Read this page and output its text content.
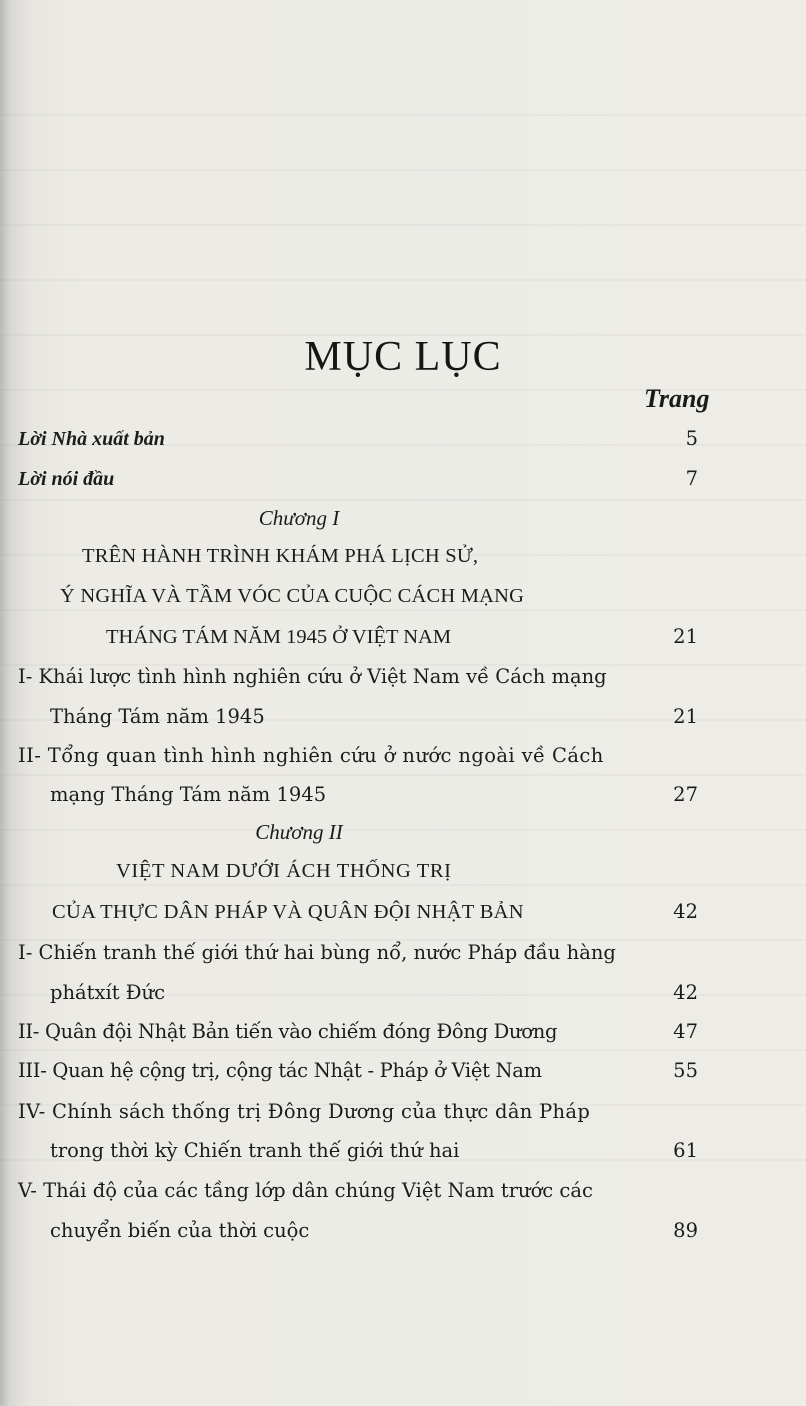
MỤC LỤC
Trang
Lời Nhà xuất bản	5
Lời nói đầu	7
Chương I
TRÊN HÀNH TRÌNH KHÁM PHÁ LỊCH SỬ,
Ý NGHĨA VÀ TẦM VÓC CỦA CUỘC CÁCH MẠNG
THÁNG TÁM NĂM 1945 Ở VIỆT NAM	21
I- Khái lược tình hình nghiên cứu ở Việt Nam về Cách mạng
Tháng Tám năm 1945	21
II- Tổng quan tình hình nghiên cứu ở nước ngoài về Cách
mạng Tháng Tám năm 1945	27
Chương II
VIỆT NAM DƯỚI ÁCH THỐNG TRỊ
CỦA THỰC DÂN PHÁP VÀ QUÂN ĐỘI NHẬT BẢN	42
I- Chiến tranh thế giới thứ hai bùng nổ, nước Pháp đầu hàng
phátxít Đức	42
II- Quân đội Nhật Bản tiến vào chiếm đóng Đông Dương	47
III- Quan hệ cộng trị, cộng tác Nhật - Pháp ở Việt Nam	55
IV- Chính sách thống trị Đông Dương của thực dân Pháp
trong thời kỳ Chiến tranh thế giới thứ hai	61
V- Thái độ của các tầng lớp dân chúng Việt Nam trước các
chuyển biến của thời cuộc	89
